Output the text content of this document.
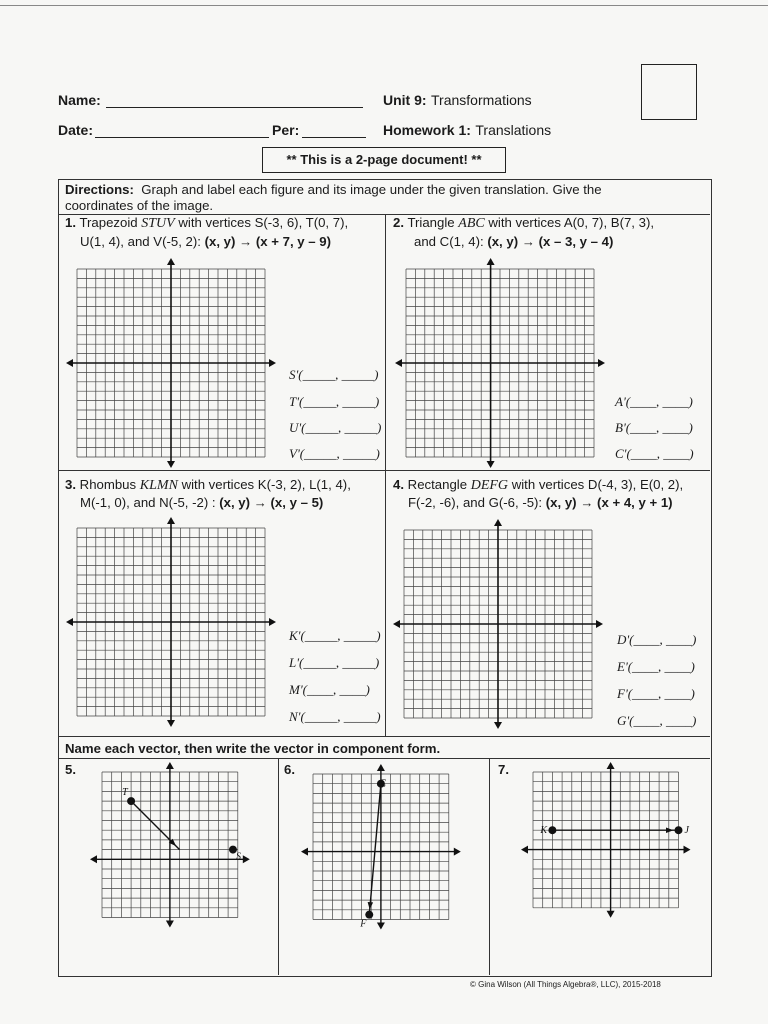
Name:
Date:	Per:
Unit 9: Transformations
Homework 1: Translations
** This is a 2-page document! **
Directions: Graph and label each figure and its image under the given translation. Give the
coordinates of the image.
1. Trapezoid STUV with vertices S(-3, 6), T(0, 7),
U(1, 4), and V(-5, 2): (x, y) → (x + 7, y – 9)
2. Triangle ABC with vertices A(0, 7), B(7, 3),
and C(1, 4): (x, y) → (x – 3, y – 4)
3. Rhombus KLMN with vertices K(-3, 2), L(1, 4),
M(-1, 0), and N(-5, -2) : (x, y) → (x, y – 5)
4. Rectangle DEFG with vertices D(-4, 3), E(0, 2),
F(-2, -6), and G(-6, -5): (x, y) → (x + 4, y + 1)
S'(_____, _____)
T'(_____, _____)
U'(_____, _____)
V'(_____, _____)
A'(____, ____)
B'(____, ____)
C'(____, ____)
K'(_____, _____)
L'(_____, _____)
M'(____, ____)
N'(_____, _____)
D'(____, ____)
E'(____, ____)
F'(____, ____)
G'(____, ____)
Name each vector, then write the vector in component form.
5.	6.	7.
T
S
E
F
K	J
© Gina Wilson (All Things Algebra®, LLC), 2015-2018
